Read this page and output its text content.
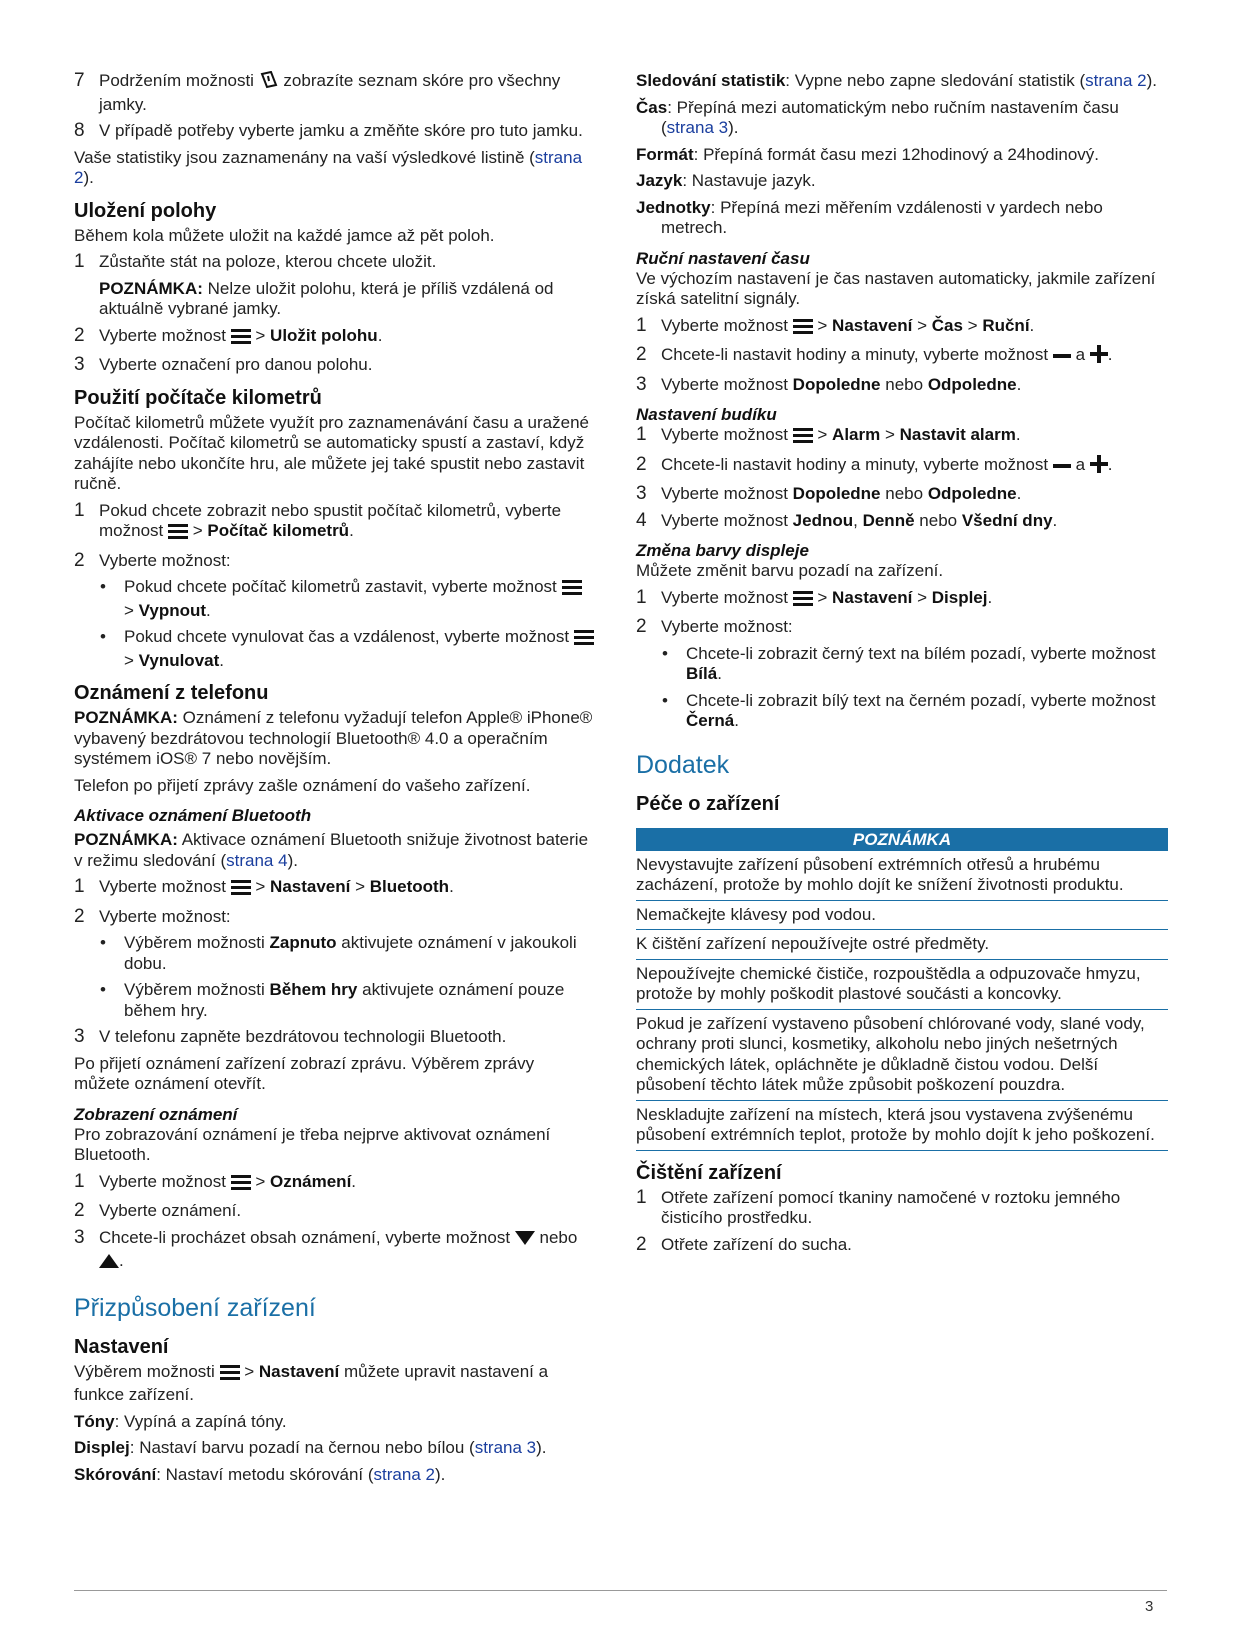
7 Podržením možnosti zobrazíte seznam skóre pro všechny jamky.
8 V případě potřeby vyberte jamku a změňte skóre pro tuto jamku.

Vaše statistiky jsou zaznamenány na vaší výsledkové listině (strana 2).

Uložení polohy

Během kola můžete uložit na každé jamce až pět poloh.

1 Zůstaňte stát na poloze, kterou chcete uložit.
POZNÁMKA: Nelze uložit polohu, která je příliš vzdálená od aktuálně vybrané jamky.
2 Vyberte možnost  > Uložit polohu.
3 Vyberte označení pro danou polohu.
Použití počítače kilometrů

Počítač kilometrů můžete využít pro zaznamenávání času a uražené vzdálenosti. Počítač kilometrů se automaticky spustí a zastaví, když zahájíte nebo ukončíte hru, ale můžete jej také spustit nebo zastavit ručně.

1 Pokud chcete zobrazit nebo spustit počítač kilometrů, vyberte možnost  > Počítač kilometrů.
2 Vyberte možnost:
• Pokud chcete počítač kilometrů zastavit, vyberte možnost  > Vypnout.
• Pokud chcete vynulovat čas a vzdálenost, vyberte možnost  > Vynulovat.
Oznámení z telefonu

POZNÁMKA: Oznámení z telefonu vyžadují telefon Apple® iPhone® vybavený bezdrátovou technologií Bluetooth® 4.0 a operačním systémem iOS® 7 nebo novějším.

Telefon po přijetí zprávy zašle oznámení do vašeho zařízení.

Aktivace oznámení Bluetooth

POZNÁMKA: Aktivace oznámení Bluetooth snižuje životnost baterie v režimu sledování (strana 4).

1 Vyberte možnost  > Nastavení > Bluetooth.
2 Vyberte možnost:
• Výběrem možnosti Zapnuto aktivujete oznámení v jakoukoli dobu.
• Výběrem možnosti Během hry aktivujete oznámení pouze během hry.
3 V telefonu zapněte bezdrátovou technologii Bluetooth.

Po přijetí oznámení zařízení zobrazí zprávu. Výběrem zprávy můžete oznámení otevřít.

Zobrazení oznámení

Pro zobrazování oznámení je třeba nejprve aktivovat oznámení Bluetooth.

1 Vyberte možnost  > Oznámení.
2 Vyberte oznámení.
3 Chcete-li procházet obsah oznámení, vyberte možnost nebo .
Přizpůsobení zařízení
Nastavení

Výběrem možnosti  > Nastavení můžete upravit nastavení a funkce zařízení.

Tóny: Vypíná a zapíná tóny.
Displej: Nastaví barvu pozadí na černou nebo bílou (strana 3).
Skórování: Nastaví metodu skórování (strana 2).
Sledování statistik: Vypne nebo zapne sledování statistik (strana 2).
Čas: Přepíná mezi automatickým nebo ručním nastavením času (strana 3).
Formát: Přepíná formát času mezi 12hodinový a 24hodinový.
Jazyk: Nastavuje jazyk.
Jednotky: Přepíná mezi měřením vzdálenosti v yardech nebo metrech.
Ruční nastavení času

Ve výchozím nastavení je čas nastaven automaticky, jakmile zařízení získá satelitní signály.

1 Vyberte možnost  > Nastavení > Čas > Ruční.
2 Chcete-li nastavit hodiny a minuty, vyberte možnost a .
3 Vyberte možnost Dopoledne nebo Odpoledne.
Nastavení budíku
1 Vyberte možnost  > Alarm > Nastavit alarm.
2 Chcete-li nastavit hodiny a minuty, vyberte možnost a .
3 Vyberte možnost Dopoledne nebo Odpoledne.
4 Vyberte možnost Jednou, Denně nebo Všední dny.
Změna barvy displeje

Můžete změnit barvu pozadí na zařízení.

1 Vyberte možnost  > Nastavení > Displej.
2 Vyberte možnost:
• Chcete-li zobrazit černý text na bílém pozadí, vyberte možnost Bílá.
• Chcete-li zobrazit bílý text na černém pozadí, vyberte možnost Černá.
Dodatek
Péče o zařízení
POZNÁMKA
Nevystavujte zařízení působení extrémních otřesů a hrubému zacházení, protože by mohlo dojít ke snížení životnosti produktu.
Nemačkejte klávesy pod vodou.
K čištění zařízení nepoužívejte ostré předměty.
Nepoužívejte chemické čističe, rozpouštědla a odpuzovače hmyzu, protože by mohly poškodit plastové součásti a koncovky.
Pokud je zařízení vystaveno působení chlórované vody, slané vody, ochrany proti slunci, kosmetiky, alkoholu nebo jiných nešetrných chemických látek, opláchněte je důkladně čistou vodou. Delší působení těchto látek může způsobit poškození pouzdra.
Neskladujte zařízení na místech, která jsou vystavena zvýšenému působení extrémních teplot, protože by mohlo dojít k jeho poškození.
Čištění zařízení
1 Otřete zařízení pomocí tkaniny namočené v roztoku jemného čisticího prostředku.
2 Otřete zařízení do sucha.
3
